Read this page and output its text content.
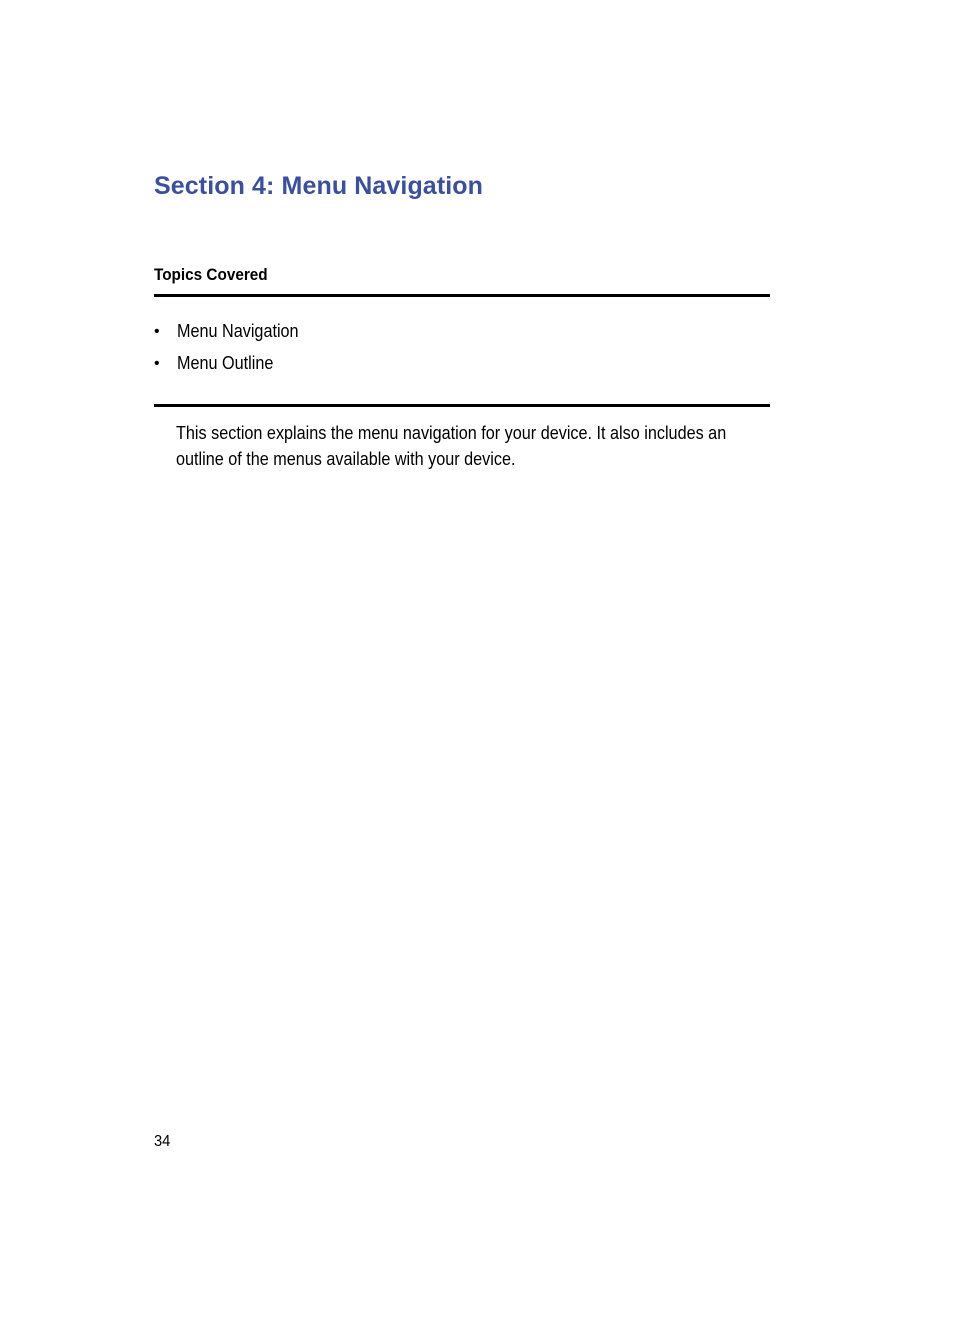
Section 4: Menu Navigation
Topics Covered
• Menu Navigation
• Menu Outline

This section explains the menu navigation for your device. It also includes an outline of the menus available with your device.

34
